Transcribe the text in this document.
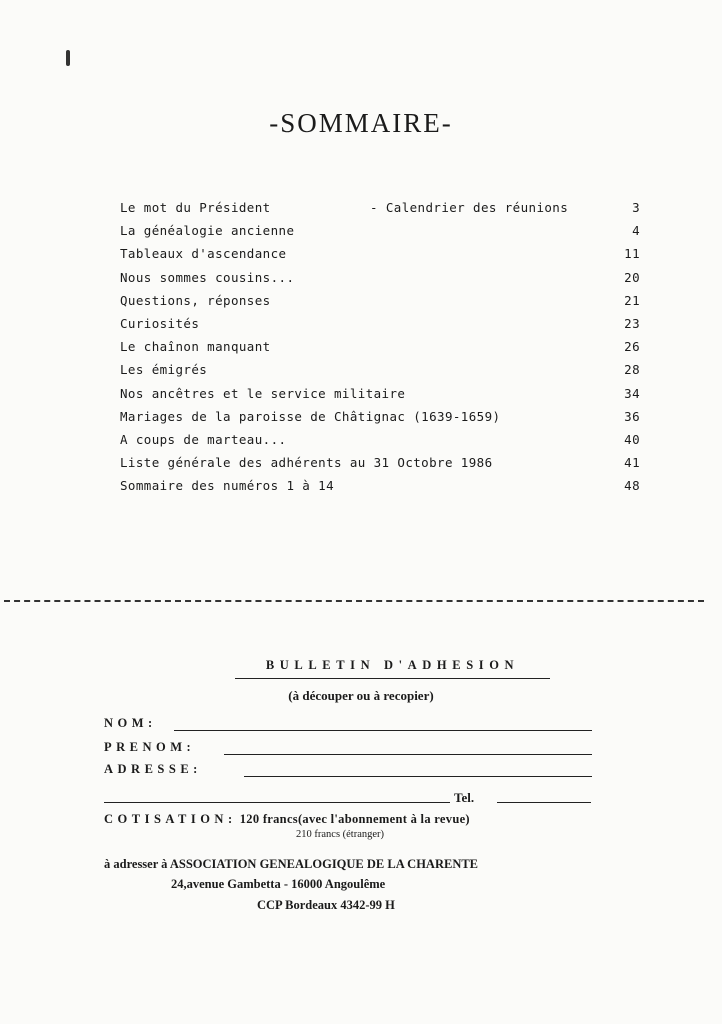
-SOMMAIRE-
Le mot du Président	- Calendrier des réunions	3
La généalogie ancienne	4
Tableaux d'ascendance	11
Nous sommes cousins...	20
Questions, réponses	21
Curiosités	23
Le chaînon manquant	26
Les émigrés	28
Nos ancêtres et le service militaire	34
Mariages de la paroisse de Châtignac (1639-1659)	36
A coups de marteau...	40
Liste générale des adhérents au 31 Octobre 1986	41
Sommaire des numéros 1 à 14	48
BULLETIN D'ADHESION
(à découper ou à recopier)
NOM:
PRENOM:
ADRESSE:
Tel.
COTISATION: 120 francs(avec l'abonnement à la revue)
210 francs (étranger)
à adresser à ASSOCIATION GENEALOGIQUE DE LA CHARENTE
24,avenue Gambetta - 16000 Angoulême
CCP Bordeaux 4342-99 H
